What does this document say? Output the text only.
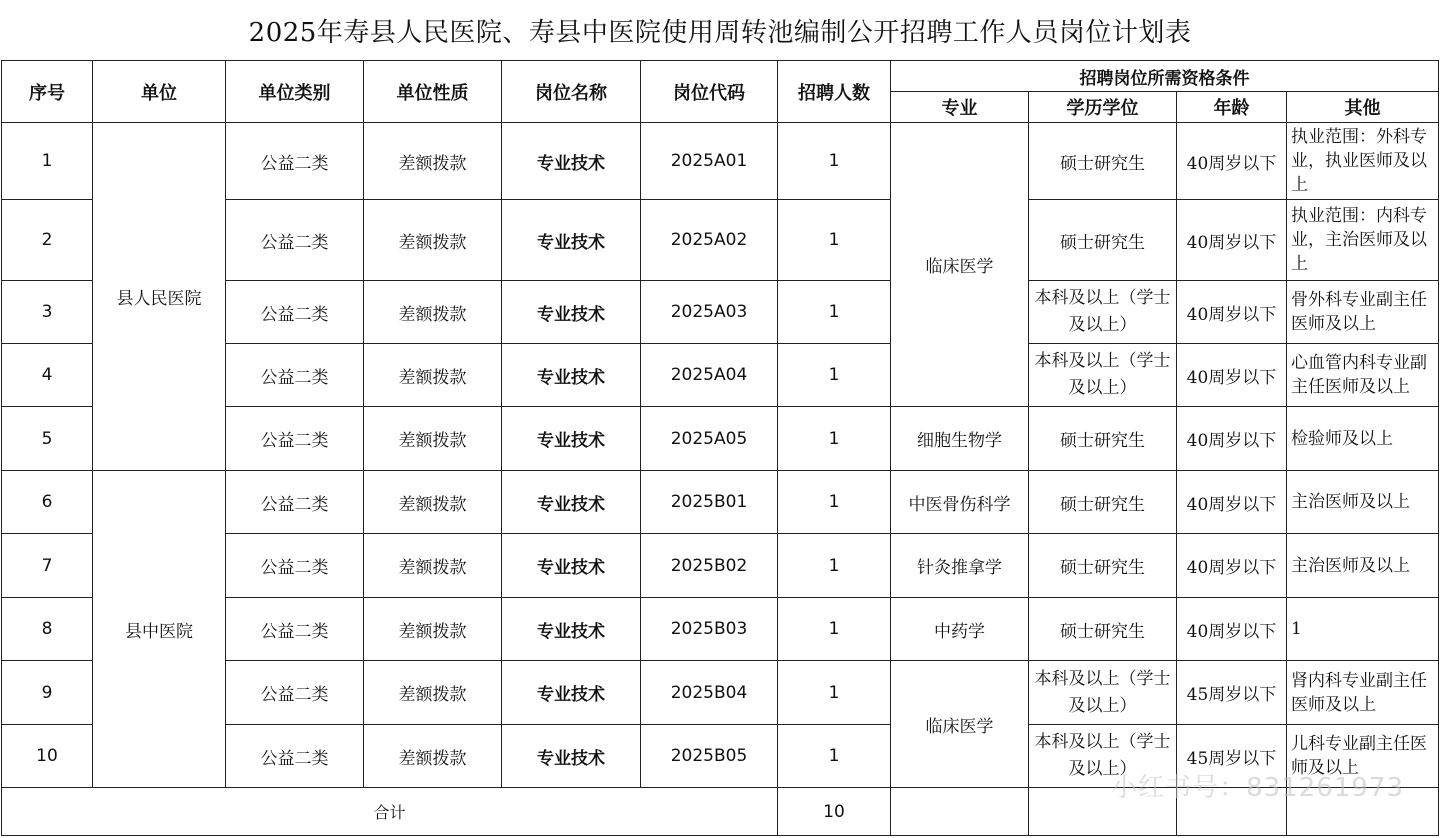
2025年寿县人民医院、寿县中医院使用周转池编制公开招聘工作人员岗位计划表
序号	单位	单位类别	单位性质	岗位名称	岗位代码	招聘人数	招聘岗位所需资格条件			
							专业	学历学位	年龄	其他
1	县人民医院	公益二类	差额拨款	专业技术	2025A01	1	临床医学	硕士研究生	40周岁以下	执业范围：外科专业，执业医师及以上

2		公益二类	差额拨款	专业技术	2025A02	1		硕士研究生	40周岁以下	执业范围：内科专业，主治医师及以上

3		公益二类	差额拨款	专业技术	2025A03	1		本科及以上（学士及以上）	40周岁以下	骨外科专业副主任医师及以上

4		公益二类	差额拨款	专业技术	2025A04	1		本科及以上（学士及以上）	40周岁以下	心血管内科专业副主任医师及以上

5		公益二类	差额拨款	专业技术	2025A05	1	细胞生物学	硕士研究生	40周岁以下	检验师及以上

6	县中医院	公益二类	差额拨款	专业技术	2025B01	1	中医骨伤科学	硕士研究生	40周岁以下	主治医师及以上

7		公益二类	差额拨款	专业技术	2025B02	1	针灸推拿学	硕士研究生	40周岁以下	主治医师及以上

8		公益二类	差额拨款	专业技术	2025B03	1	中药学	硕士研究生	40周岁以下	1

9		公益二类	差额拨款	专业技术	2025B04	1	临床医学	本科及以上（学士及以上）	45周岁以下	肾内科专业副主任医师及以上

10		公益二类	差额拨款	专业技术	2025B05	1		本科及以上（学士及以上）	45周岁以下	儿科专业副主任医师及以上

合计						10				
小红书号：831261973
